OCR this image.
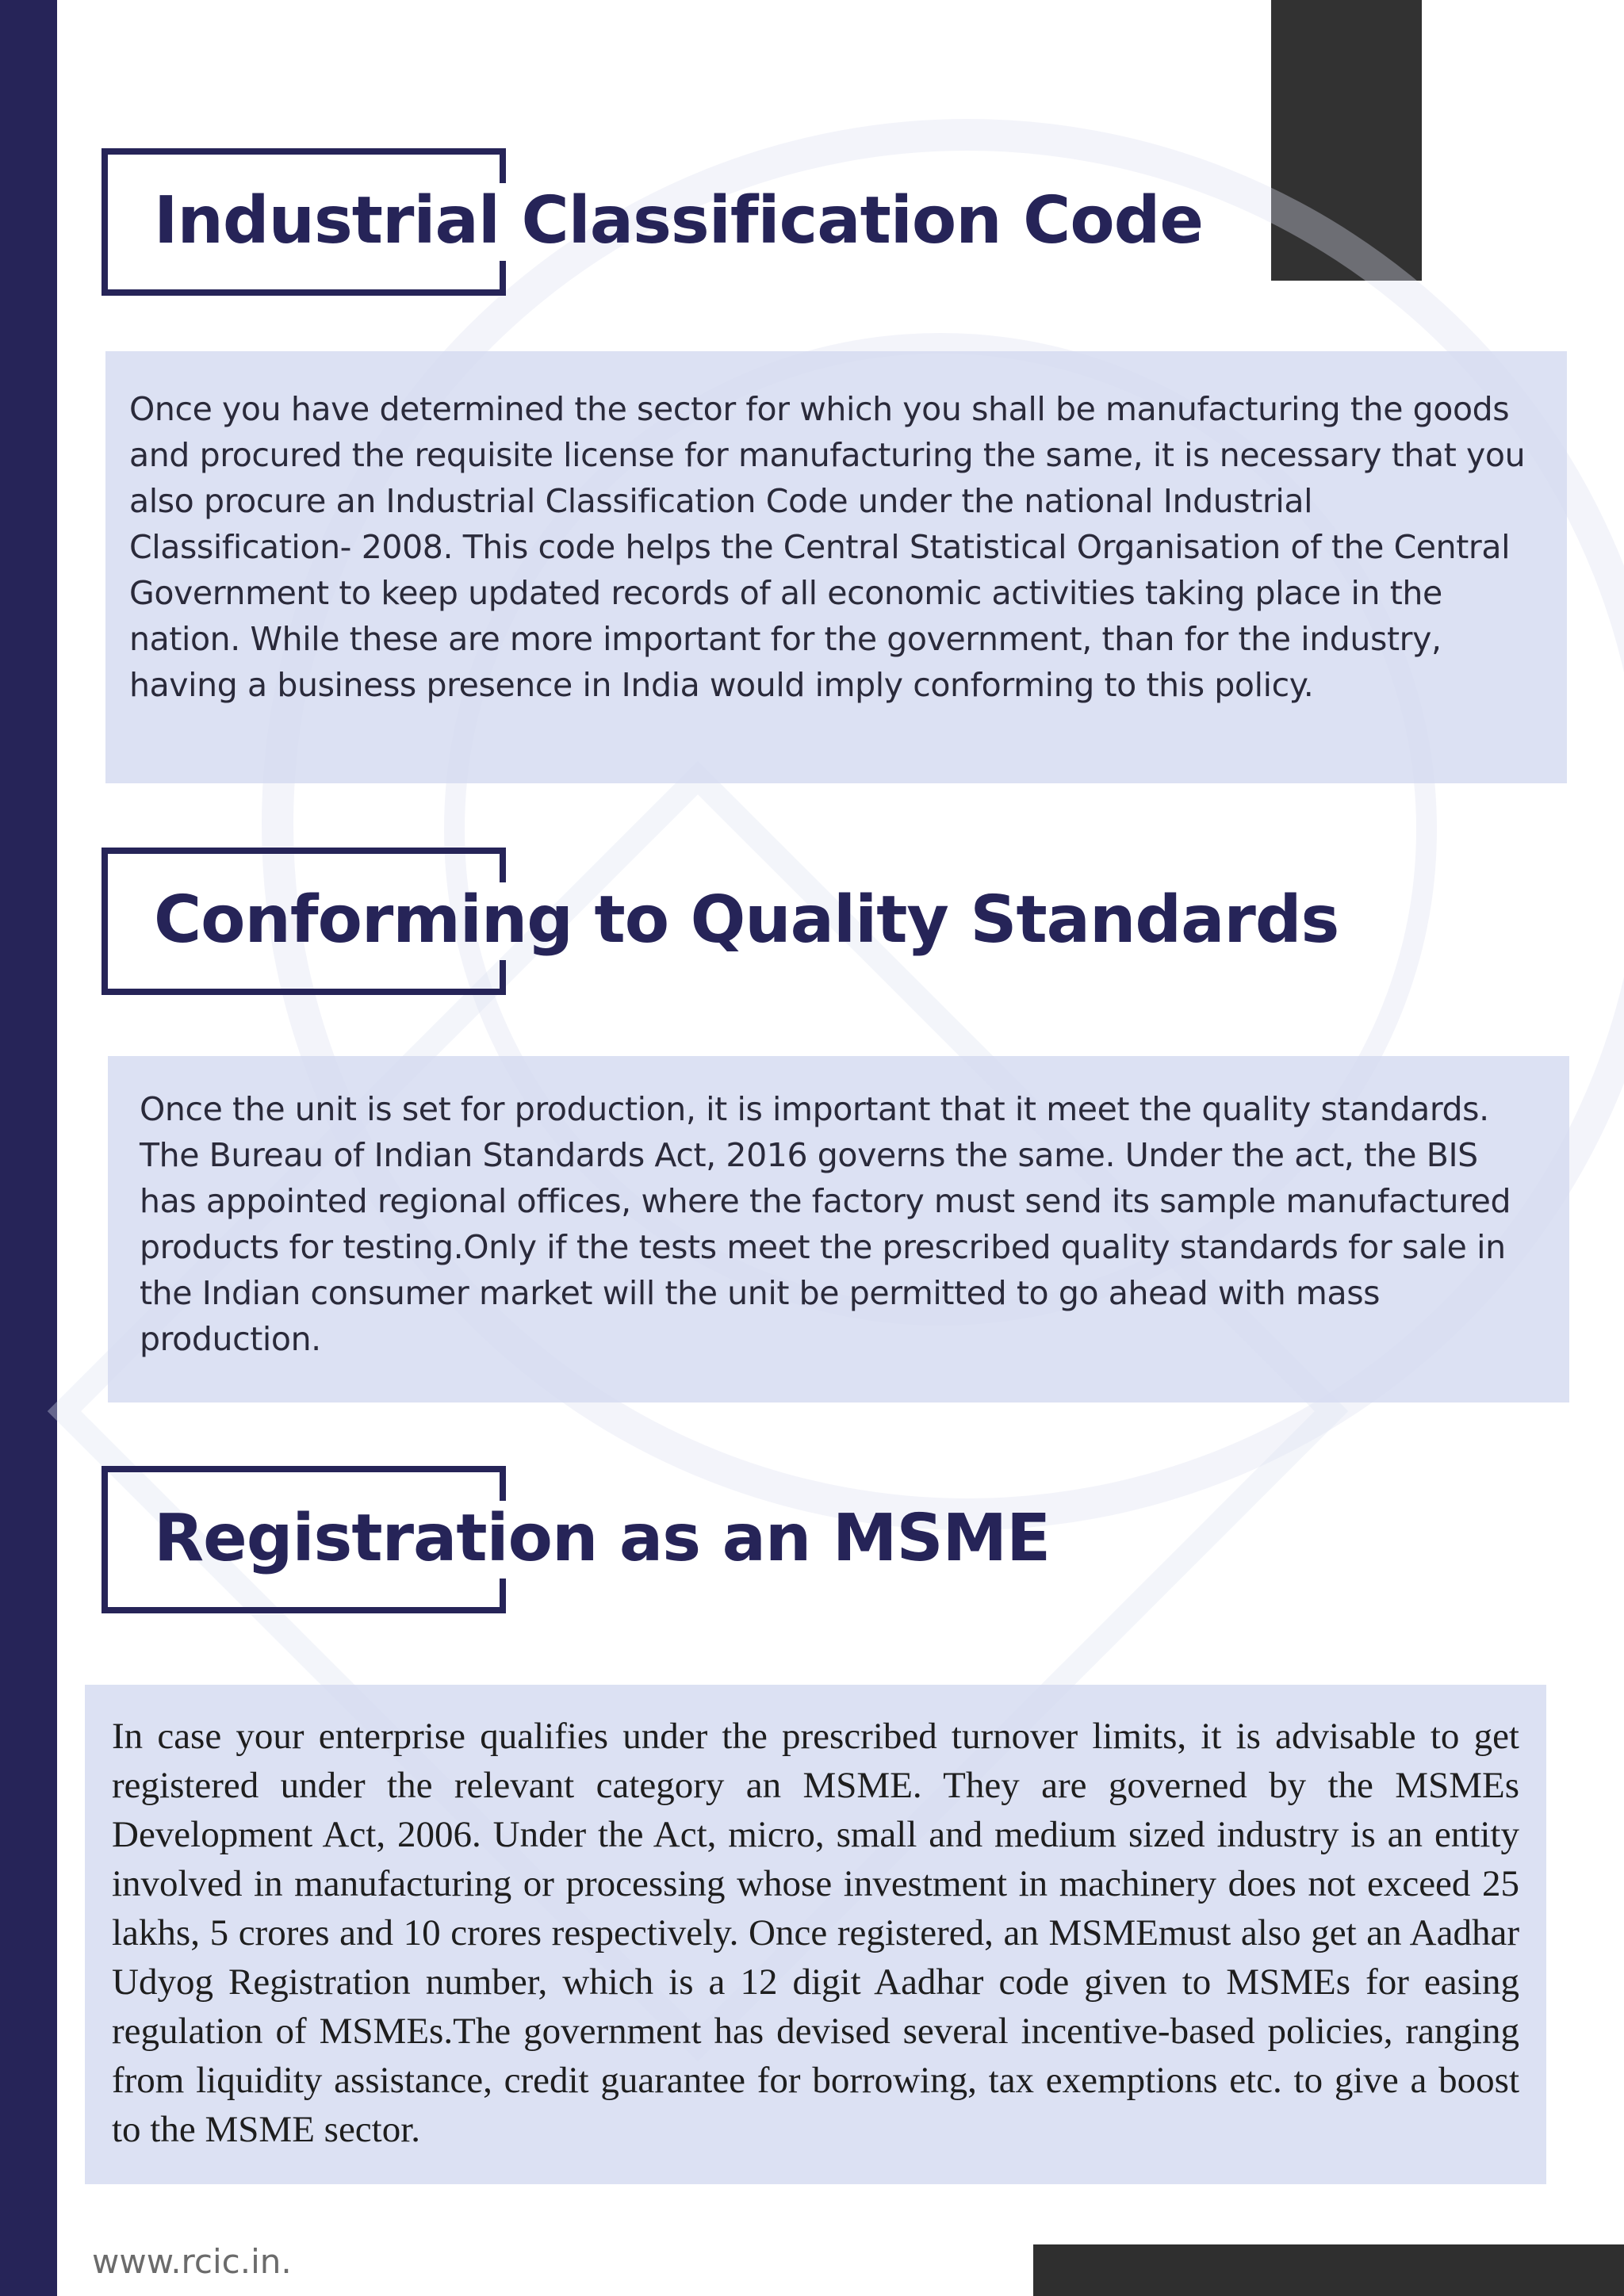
Industrial Classification Code

Once you have determined the sector for which you shall be manufacturing the goods and procured the requisite license for manufacturing the same, it is necessary that you also procure an Industrial Classification Code under the national Industrial Classification- 2008. This code helps the Central Statistical Organisation of the Central Government to keep updated records of all economic activities taking place in the nation. While these are more important for the government, than for the industry, having a business presence in India would imply conforming to this policy.

Conforming to Quality Standards

Once the unit is set for production, it is important that it meet the quality standards. The Bureau of Indian Standards Act, 2016 governs the same. Under the act, the BIS has appointed regional offices, where the factory must send its sample manufactured products for testing.Only if the tests meet the prescribed quality standards for sale in the Indian consumer market will the unit be permitted to go ahead with mass production.

Registration as an MSME

In case your enterprise qualifies under the prescribed turnover limits, it is advisable to get registered under the relevant category an MSME. They are governed by the MSMEs Development Act, 2006. Under the Act, micro, small and medium sized industry is an entity involved in manufacturing or processing whose investment in machinery does not exceed 25 lakhs, 5 crores and 10 crores respectively. Once registered, an MSMEmust also get an Aadhar Udyog Registration number, which is a 12 digit Aadhar code given to MSMEs for easing regulation of MSMEs.The government has devised several incentive-based policies, ranging from liquidity assistance, credit guarantee for borrowing, tax exemptions etc. to give a boost to the MSME sector.

www.rcic.in.
